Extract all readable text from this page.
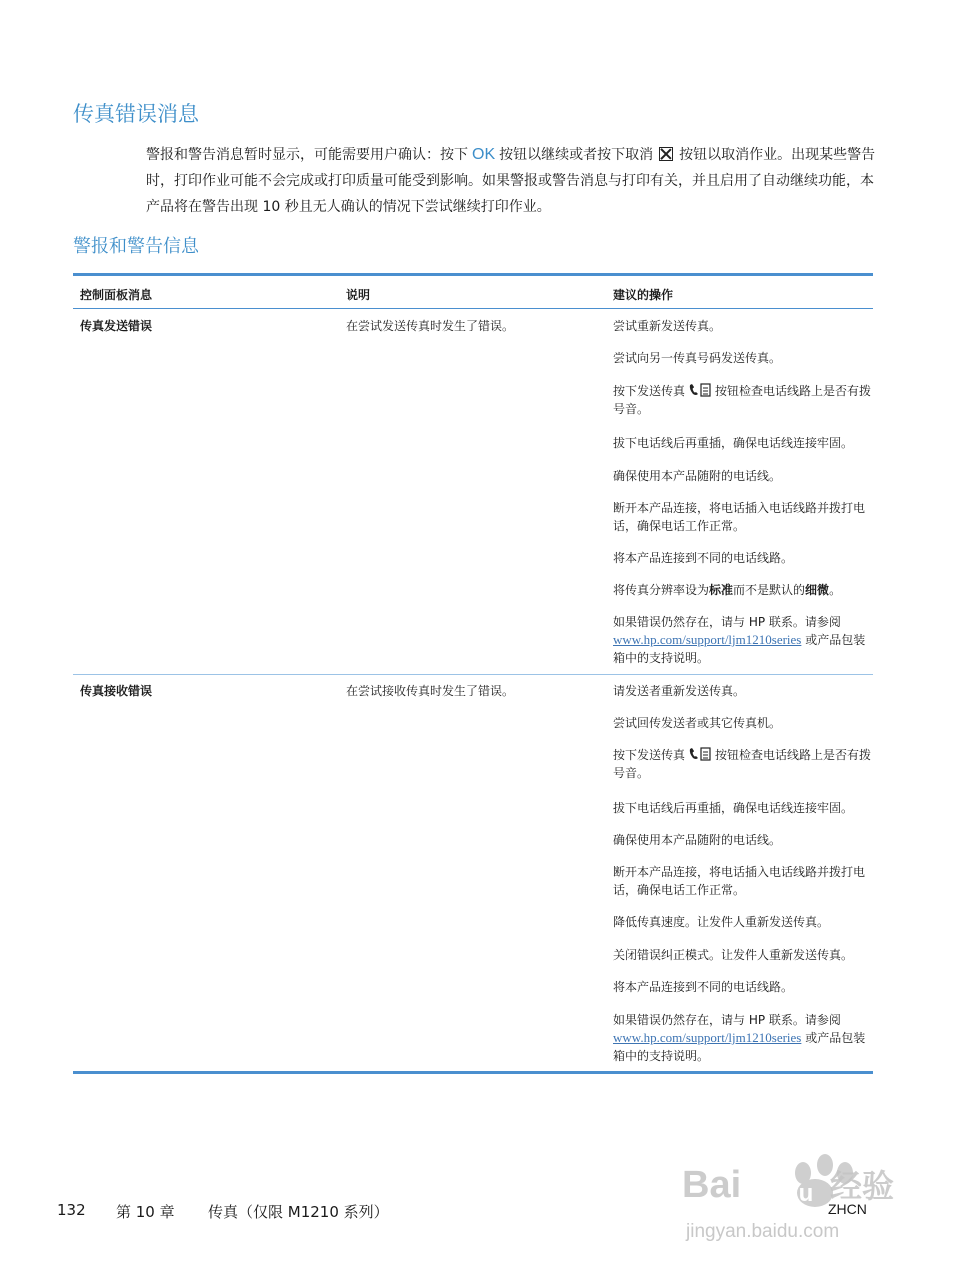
传真错误消息
警报和警告消息暂时显示，可能需要用户确认：按下 OK 按钮以继续或者按下取消 按钮以取消作业。出现某些警告时，打印作业可能不会完成或打印质量可能受到影响。如果警报或警告消息与打印有关，并且启用了自动继续功能，本产品将在警告出现 10 秒且无人确认的情况下尝试继续打印作业。
警报和警告信息
控制面板消息	说明	建议的操作
传真发送错误	在尝试发送传真时发生了错误。	尝试重新发送传真。
尝试向另一传真号码发送传真。
按下发送传真	按钮检查电话线路上是否有拨号音。
拔下电话线后再重插，确保电话线连接牢固。
确保使用本产品随附的电话线。
断开本产品连接，将电话插入电话线路并拨打电话，确保电话工作正常。
将本产品连接到不同的电话线路。
将传真分辨率设为标准而不是默认的细微。
如果错误仍然存在，请与 HP 联系。请参阅
www.hp.com/support/ljm1210series 或产品包装箱中的支持说明。
传真接收错误	在尝试接收传真时发生了错误。	请发送者重新发送传真。
尝试回传发送者或其它传真机。
按下发送传真	按钮检查电话线路上是否有拨号音。
拔下电话线后再重插，确保电话线连接牢固。
确保使用本产品随附的电话线。
断开本产品连接，将电话插入电话线路并拨打电话，确保电话工作正常。
降低传真速度。让发件人重新发送传真。
关闭错误纠正模式。让发件人重新发送传真。
将本产品连接到不同的电话线路。
如果错误仍然存在，请与 HP 联系。请参阅
www.hp.com/support/ljm1210series 或产品包装箱中的支持说明。
Bai du 经验
jingyan.baidu.com
132 第 10 章 传真（仅限 M1210 系列）	ZHCN
